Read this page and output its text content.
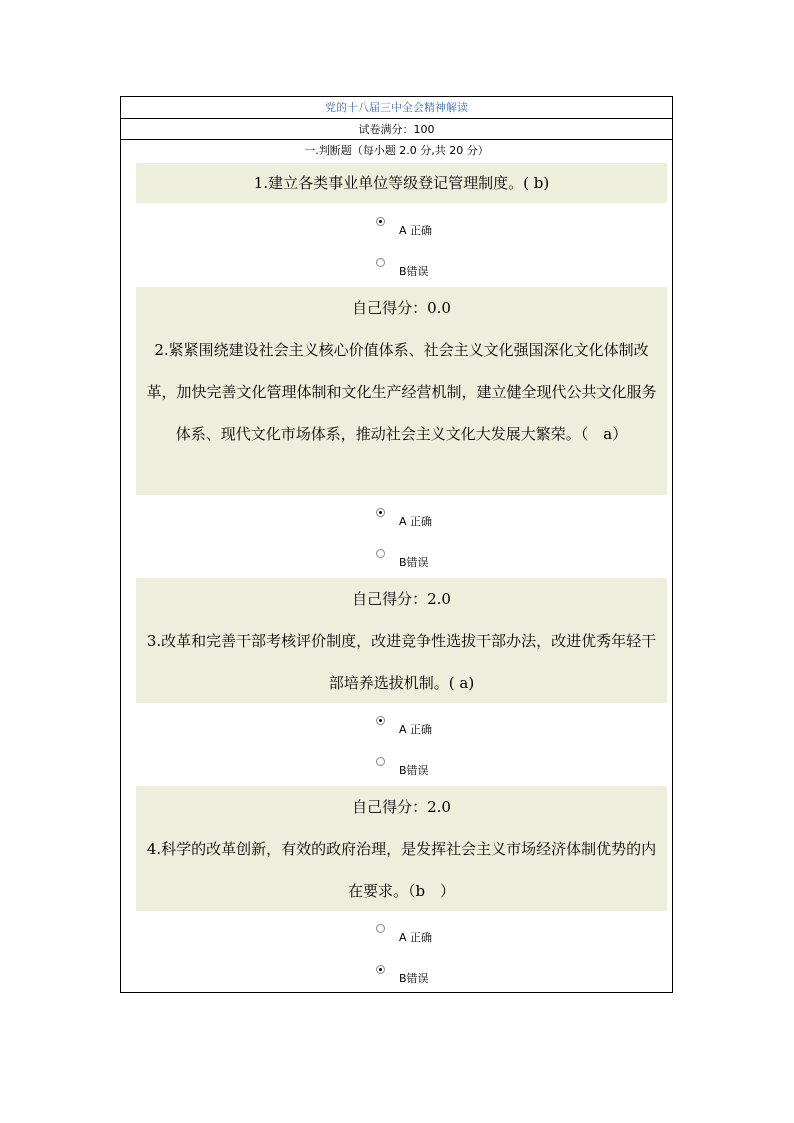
党的十八届三中全会精神解读
试卷满分：100
一.判断题（每小题 2.0 分,共 20 分）
1.建立各类事业单位等级登记管理制度。( b)
A 正确
B错误
自己得分：0.0
2.紧紧围绕建设社会主义核心价值体系、社会主义文化强国深化文化体制改革，加快完善文化管理体制和文化生产经营机制，建立健全现代公共文化服务体系、现代文化市场体系，推动社会主义文化大发展大繁荣。（　a）
A 正确
B错误
自己得分：2.0
3.改革和完善干部考核评价制度，改进竞争性选拔干部办法，改进优秀年轻干部培养选拔机制。( a)
A 正确
B错误
自己得分：2.0
4.科学的改革创新，有效的政府治理，是发挥社会主义市场经济体制优势的内在要求。（b　）
A 正确
B错误
